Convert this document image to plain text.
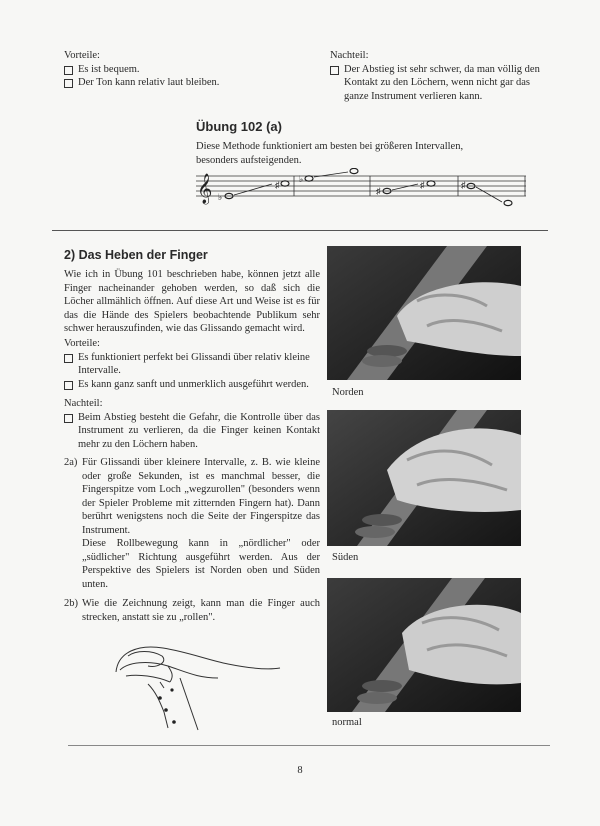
Vorteile:

Es ist bequem.
Der Ton kann relativ laut bleiben.

Nachteil:

Der Abstieg ist sehr schwer, da man völlig den Kontakt zu den Löchern, wenn nicht gar das ganze Instrument verlieren kann.
Übung 102 (a)
Diese Methode funktioniert am besten bei größeren Intervallen, besonders aufsteigenden.
𝄞 ♭
♯
♭
♯
♯	♯
2) Das Heben der Finger
Wie ich in Übung 101 beschrieben habe, können jetzt alle Finger nacheinander gehoben werden, so daß sich die Löcher allmählich öffnen. Auf diese Art und Weise ist es für das die Hände des Spielers beobachtende Publikum sehr schwer herauszufinden, wie das Glissando gemacht wird.

Vorteile:

Es funktioniert perfekt bei Glissandi über relativ kleine Intervalle.
Es kann ganz sanft und unmerklich ausgeführt werden.

Nachteil:

Beim Abstieg besteht die Gefahr, die Kontrolle über das Instrument zu verlieren, da die Finger keinen Kontakt mehr zu den Löchern haben.
2a) Für Glissandi über kleinere Intervalle, z. B. wie kleine oder große Sekunden, ist es manchmal besser, die Fingerspitze vom Loch „wegzurollen" (besonders wenn der Spieler Probleme mit zitternden Fingern hat). Dann berührt wenigstens noch die Seite der Fingerspitze das Instrument.

Diese Rollbewegung kann in „nördlicher" oder „südlicher" Richtung ausgeführt werden. Aus der Perspektive des Spielers ist Norden oben und Süden unten.

2b) Wie die Zeichnung zeigt, kann man die Finger auch strecken, anstatt sie zu „rollen".

Norden
Süden
normal
8
